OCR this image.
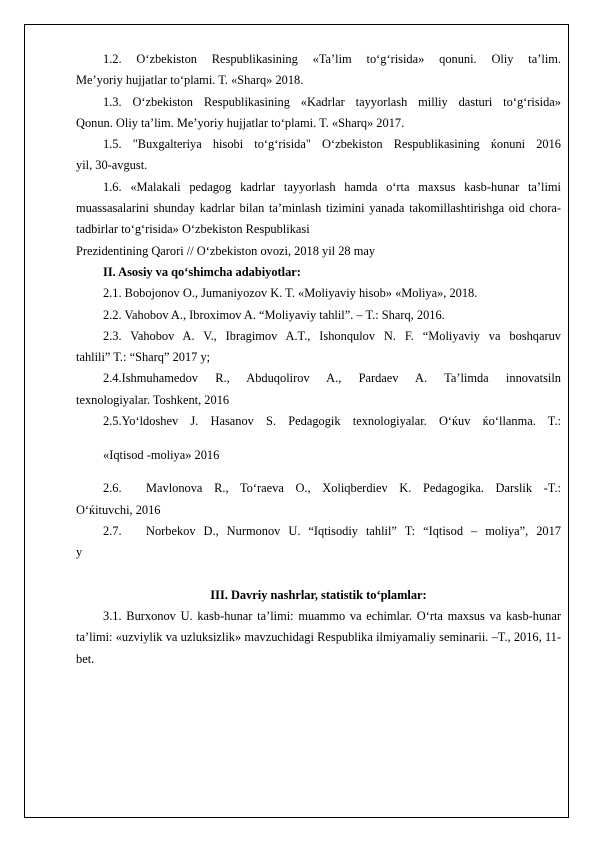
1.2. O‘zbekiston Respublikasining «Ta’lim to‘g‘risida» qonuni. Oliy ta’lim.

Me’yoriy hujjatlar to‘plami. T. «Sharq» 2018.

1.3. O‘zbekiston Respublikasining «Kadrlar tayyorlash milliy dasturi to‘g‘risida»

Qonun. Oliy ta’lim. Me’yoriy hujjatlar to‘plami. T. «Sharq» 2017.

1.5. "Buxgalteriya hisobi to‘g‘risida" O‘zbekiston Respublikasining ќonuni 2016

yil, 30-avgust.

1.6. «Malakali pedagog kadrlar tayyorlash hamda o‘rta maxsus kasb-hunar ta’limi muassasalarini shunday kadrlar bilan ta’minlash tizimini yanada takomillashtirishga oid chora-tadbirlar to‘g‘risida» O‘zbekiston Respublikasi

Prezidentining Qarori // O‘zbekiston ovozi, 2018 yil 28 may

II. Asosiy va qo‘shimcha adabiyotlar:

2.1. Bobojonov O., Jumaniyozov K. T. «Moliyaviy hisob» «Moliya», 2018.

2.2. Vahobov A., Ibroximov A. “Moliyaviy tahlil”. – T.: Sharq, 2016.

2.3. Vahobov A. V., Ibragimov A.T., Ishonqulov N. F. “Moliyaviy va boshqaruv

tahlili” T.: “Sharq” 2017 y;

2.4.Ishmuhamedov R., Abduqolirov A., Pardaev A. Ta’limda innovatsiln

texnologiyalar. Toshkent, 2016

2.5.Yo‘ldoshev J. Hasanov S. Pedagogik texnologiyalar. O‘ќuv ќo‘llanma. T.:

«Iqtisod -moliya» 2016

2.6.	Mavlonova R., To‘raeva O., Xoliqberdiev K. Pedagogika. Darslik -T.:

O‘ќituvchi, 2016

2.7.	Norbekov D., Nurmonov U. “Iqtisodiy tahlil” T: “Iqtisod – moliya”, 2017

y

III. Davriy nashrlar, statistik to‘plamlar:

3.1. Burxonov U. kasb-hunar ta’limi: muammo va echimlar. O‘rta maxsus va kasb-hunar ta’limi: «uzviylik va uzluksizlik» mavzuchidagi Respublika ilmiyamaliy seminarii. –T., 2016, 11-bet.
